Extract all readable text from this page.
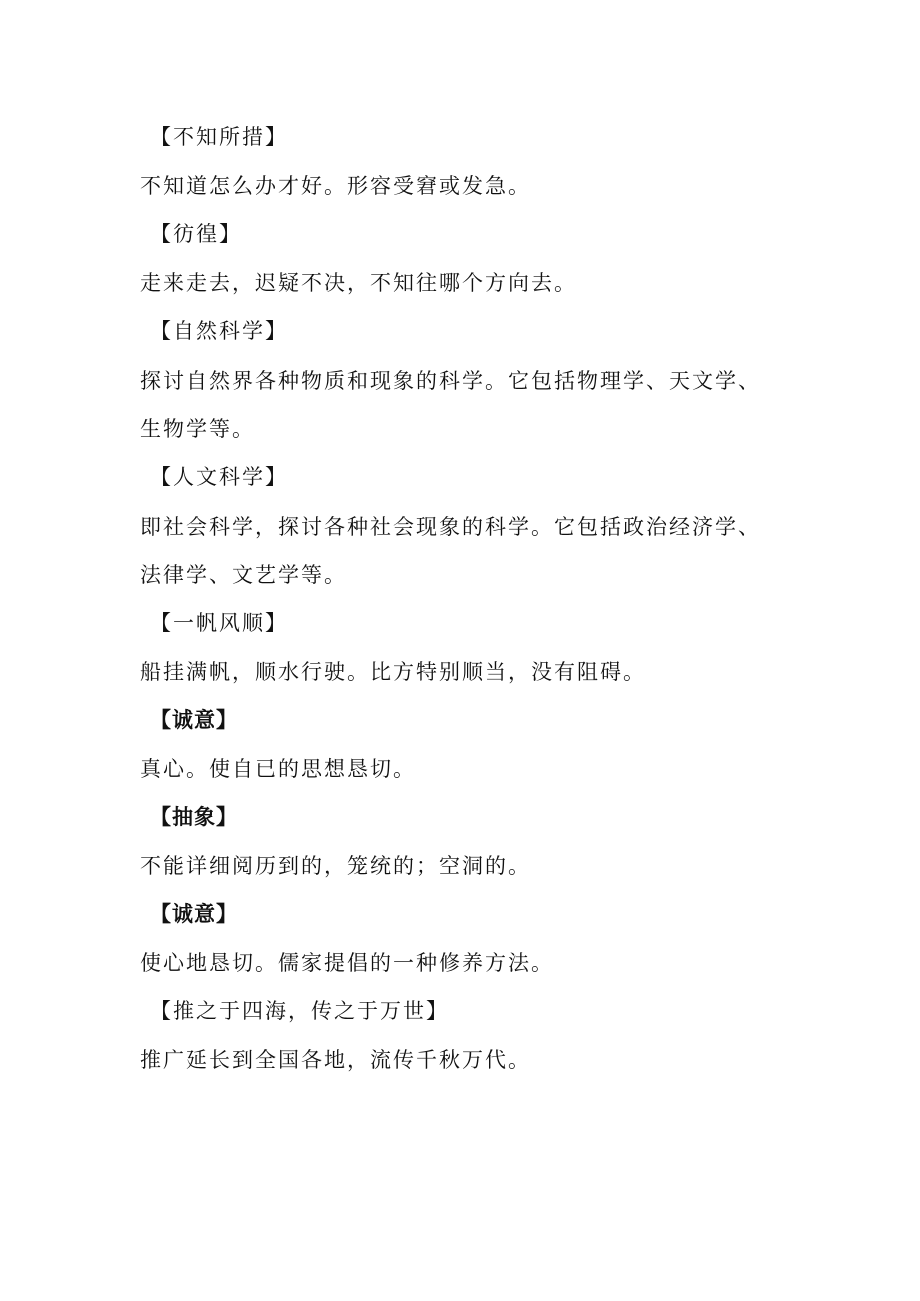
【不知所措】
不知道怎么办才好。形容受窘或发急。
【彷徨】
走来走去，迟疑不决，不知往哪个方向去。
【自然科学】
探讨自然界各种物质和现象的科学。它包括物理学、天文学、
生物学等。
【人文科学】
即社会科学，探讨各种社会现象的科学。它包括政治经济学、
法律学、文艺学等。
【一帆风顺】
船挂满帆，顺水行驶。比方特别顺当，没有阻碍。
【诚意】
真心。使自已的思想恳切。
【抽象】
不能详细阅历到的，笼统的；空洞的。
【诚意】
使心地恳切。儒家提倡的一种修养方法。
【推之于四海，传之于万世】
推广延长到全国各地，流传千秋万代。
